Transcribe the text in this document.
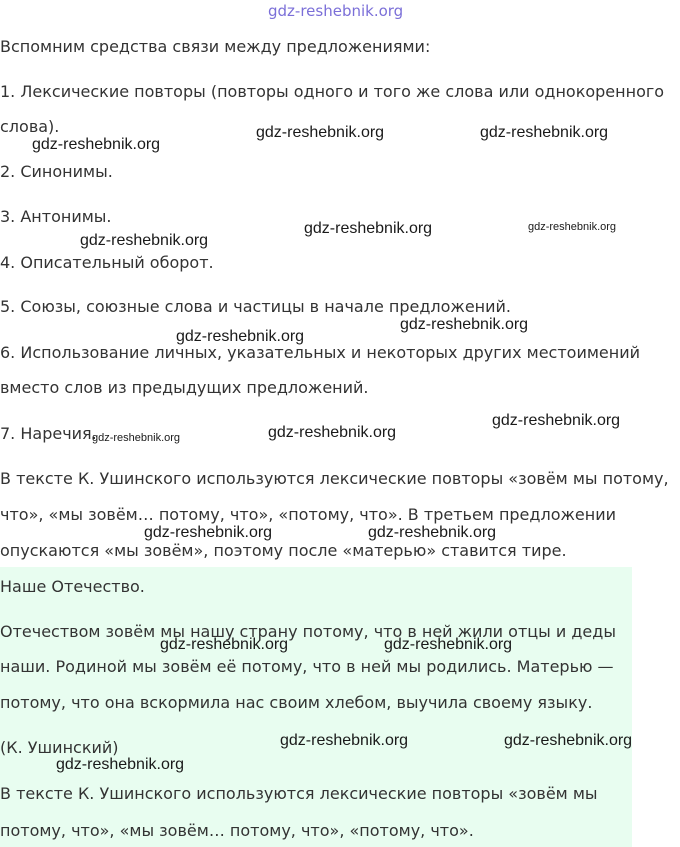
gdz-reshebnik.org

Вспомним средства связи между предложениями:

1. Лексические повторы (повторы одного и того же слова или однокоренного

слова).

2. Синонимы.

3. Антонимы.

4. Описательный оборот.

5. Союзы, союзные слова и частицы в начале предложений.

6. Использование личных, указательных и некоторых других местоимений

вместо слов из предыдущих предложений.

7. Наречия.

В тексте К. Ушинского используются лексические повторы «зовём мы потому,

что», «мы зовём… потому, что», «потому, что». В третьем предложении

опускаются «мы зовём», поэтому после «матерью» ставится тире.

Наше Отечество.

Отечеством зовём мы нашу страну потому, что в ней жили отцы и деды

наши. Родиной мы зовём её потому, что в ней мы родились. Матерью —

потому, что она вскормила нас своим хлебом, выучила своему языку.

(К. Ушинский)

В тексте К. Ушинского используются лексические повторы «зовём мы

потому, что», «мы зовём… потому, что», «потому, что».

gdz-reshebnik.org	gdz-reshebnik.org
gdz-reshebnik.org
gdz-reshebnik.org	gdz-reshebnik.org
gdz-reshebnik.org
gdz-reshebnik.org
gdz-reshebnik.org
gdz-reshebnik.org
gdz-reshebnik.org
gdz-reshebnik.org
gdz-reshebnik.org	gdz-reshebnik.org
gdz-reshebnik.org	gdz-reshebnik.org
gdz-reshebnik.org	gdz-reshebnik.org
gdz-reshebnik.org
